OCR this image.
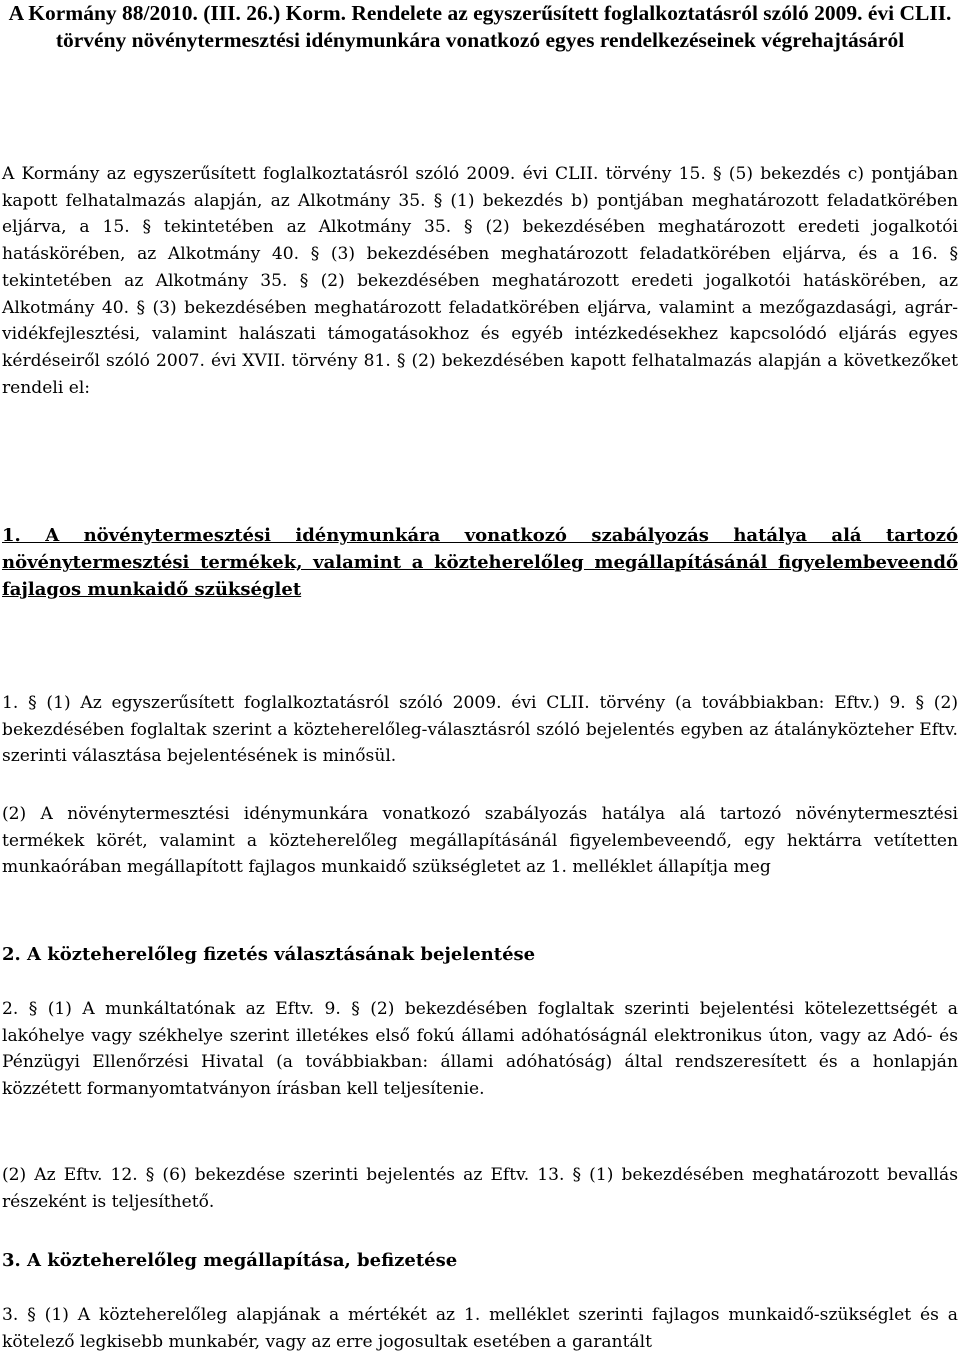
A Kormány 88/2010. (III. 26.) Korm. Rendelete az egyszerűsített foglalkoztatásról szóló 2009. évi CLII. törvény növénytermesztési idénymunkára vonatkozó egyes rendelkezéseinek végrehajtásáról
A Kormány az egyszerűsített foglalkoztatásról szóló 2009. évi CLII. törvény 15. § (5) bekezdés c) pontjában kapott felhatalmazás alapján, az Alkotmány 35. § (1) bekezdés b) pontjában meghatározott feladatkörében eljárva, a 15. § tekintetében az Alkotmány 35. § (2) bekezdésében meghatározott eredeti jogalkotói hatáskörében, az Alkotmány 40. § (3) bekezdésében meghatározott feladatkörében eljárva, és a 16. § tekintetében az Alkotmány 35. § (2) bekezdésében meghatározott eredeti jogalkotói hatáskörében, az Alkotmány 40. § (3) bekezdésében meghatározott feladatkörében eljárva, valamint a mezőgazdasági, agrár-vidékfejlesztési, valamint halászati támogatásokhoz és egyéb intézkedésekhez kapcsolódó eljárás egyes kérdéseiről szóló 2007. évi XVII. törvény 81. § (2) bekezdésében kapott felhatalmazás alapján a következőket rendeli el:
1. A növénytermesztési idénymunkára vonatkozó szabályozás hatálya alá tartozó növénytermesztési termékek, valamint a közteherelőleg megállapításánál figyelembeveendő fajlagos munkaidő szükséglet
1. § (1) Az egyszerűsített foglalkoztatásról szóló 2009. évi CLII. törvény (a továbbiakban: Eftv.) 9. § (2) bekezdésében foglaltak szerint a közteherelőleg-választásról szóló bejelentés egyben az átalányközteher Eftv. szerinti választása bejelentésének is minősül.
(2) A növénytermesztési idénymunkára vonatkozó szabályozás hatálya alá tartozó növénytermesztési termékek körét, valamint a közteherelőleg megállapításánál figyelembeveendő, egy hektárra vetítetten munkaórában megállapított fajlagos munkaidő szükségletet az 1. melléklet állapítja meg
2. A közteherelőleg fizetés választásának bejelentése
2. § (1) A munkáltatónak az Eftv. 9. § (2) bekezdésében foglaltak szerinti bejelentési kötelezettségét a lakóhelye vagy székhelye szerint illetékes első fokú állami adóhatóságnál elektronikus úton, vagy az Adó- és Pénzügyi Ellenőrzési Hivatal (a továbbiakban: állami adóhatóság) által rendszeresített és a honlapján közzétett formanyomtatványon írásban kell teljesítenie.
(2) Az Eftv. 12. § (6) bekezdése szerinti bejelentés az Eftv. 13. § (1) bekezdésében meghatározott bevallás részeként is teljesíthető.
3. A közteherelőleg megállapítása, befizetése
3. § (1) A közteherelőleg alapjának a mértékét az 1. melléklet szerinti fajlagos munkaidő-szükséglet és a kötelező legkisebb munkabér, vagy az erre jogosultak esetében a garantált
